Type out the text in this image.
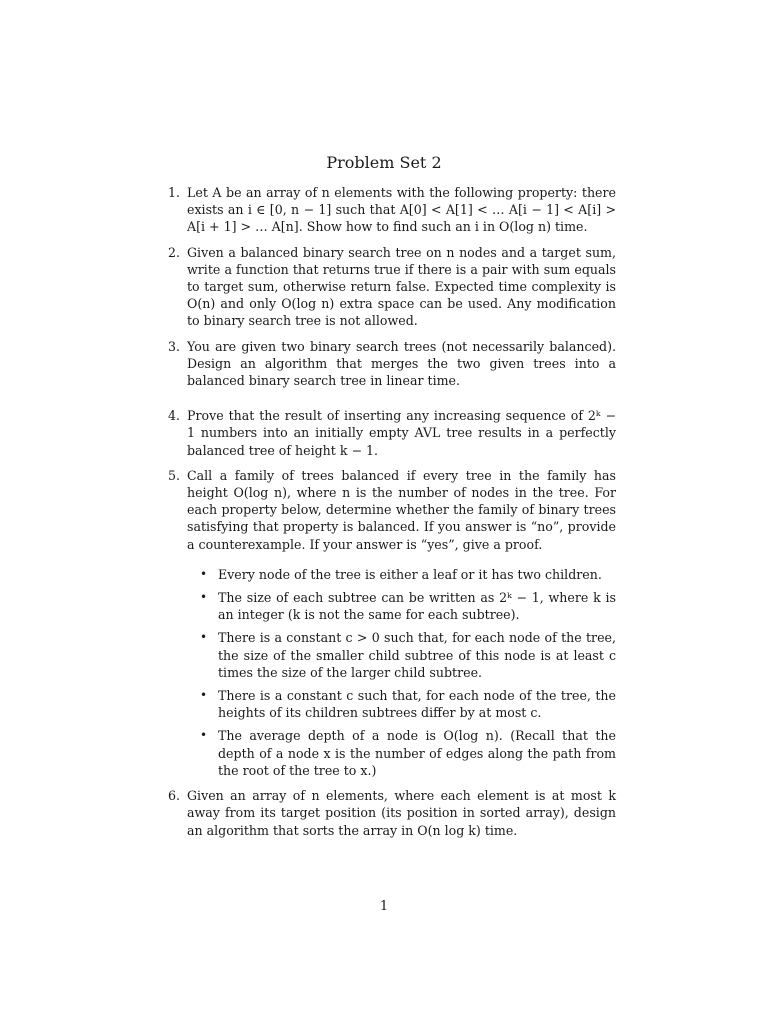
Problem Set 2
1. Let A be an array of n elements with the following property: there exists an i ∈ [0, n − 1] such that A[0] < A[1] < … A[i − 1] < A[i] > A[i + 1] > … A[n]. Show how to find such an i in O(log n) time.
2. Given a balanced binary search tree on n nodes and a target sum, write a function that returns true if there is a pair with sum equals to target sum, otherwise return false. Expected time complexity is O(n) and only O(log n) extra space can be used. Any modification to binary search tree is not allowed.
3. You are given two binary search trees (not necessarily balanced). Design an algorithm that merges the two given trees into a balanced binary search tree in linear time.
4. Prove that the result of inserting any increasing sequence of 2ᵏ − 1 numbers into an initially empty AVL tree results in a perfectly balanced tree of height k − 1.
5. Call a family of trees balanced if every tree in the family has height O(log n), where n is the number of nodes in the tree. For each property below, determine whether the family of binary trees satisfying that property is balanced. If you answer is “no”, provide a counterexample. If your answer is “yes”, give a proof.
• Every node of the tree is either a leaf or it has two children.
• The size of each subtree can be written as 2ᵏ − 1, where k is an integer (k is not the same for each subtree).
• There is a constant c > 0 such that, for each node of the tree, the size of the smaller child subtree of this node is at least c times the size of the larger child subtree.
• There is a constant c such that, for each node of the tree, the heights of its children subtrees differ by at most c.
• The average depth of a node is O(log n). (Recall that the depth of a node x is the number of edges along the path from the root of the tree to x.)
6. Given an array of n elements, where each element is at most k away from its target position (its position in sorted array), design an algorithm that sorts the array in O(n log k) time.
1
